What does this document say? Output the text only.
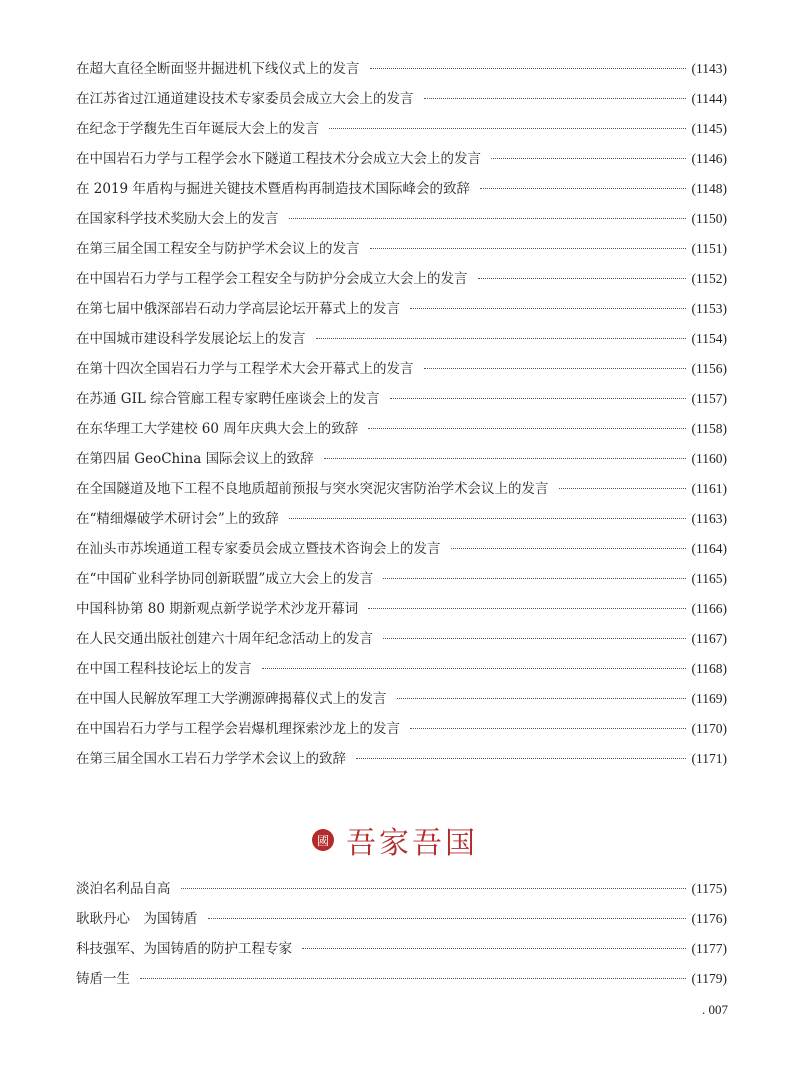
在超大直径全断面竖井掘进机下线仪式上的发言	(1143)
在江苏省过江通道建设技术专家委员会成立大会上的发言	(1144)
在纪念于学馥先生百年诞辰大会上的发言	(1145)
在中国岩石力学与工程学会水下隧道工程技术分会成立大会上的发言	(1146)
在 2019 年盾构与掘进关键技术暨盾构再制造技术国际峰会的致辞	(1148)
在国家科学技术奖励大会上的发言	(1150)
在第三届全国工程安全与防护学术会议上的发言	(1151)
在中国岩石力学与工程学会工程安全与防护分会成立大会上的发言	(1152)
在第七届中俄深部岩石动力学高层论坛开幕式上的发言	(1153)
在中国城市建设科学发展论坛上的发言	(1154)
在第十四次全国岩石力学与工程学术大会开幕式上的发言	(1156)
在苏通 GIL 综合管廊工程专家聘任座谈会上的发言	(1157)
在东华理工大学建校 60 周年庆典大会上的致辞	(1158)
在第四届 GeoChina 国际会议上的致辞	(1160)
在全国隧道及地下工程不良地质超前预报与突水突泥灾害防治学术会议上的发言	(1161)
在“精细爆破学术研讨会”上的致辞	(1163)
在汕头市苏埃通道工程专家委员会成立暨技术咨询会上的发言	(1164)
在“中国矿业科学协同创新联盟”成立大会上的发言	(1165)
中国科协第 80 期新观点新学说学术沙龙开幕词	(1166)
在人民交通出版社创建六十周年纪念活动上的发言	(1167)
在中国工程科技论坛上的发言	(1168)
在中国人民解放军理工大学溯源碑揭幕仪式上的发言	(1169)
在中国岩石力学与工程学会岩爆机理探索沙龙上的发言	(1170)
在第三届全国水工岩石力学学术会议上的致辞	(1171)
國 吾家吾国
淡泊名利品自高	(1175)
耿耿丹心　为国铸盾	(1176)
科技强军、为国铸盾的防护工程专家	(1177)
铸盾一生	(1179)
. 007
